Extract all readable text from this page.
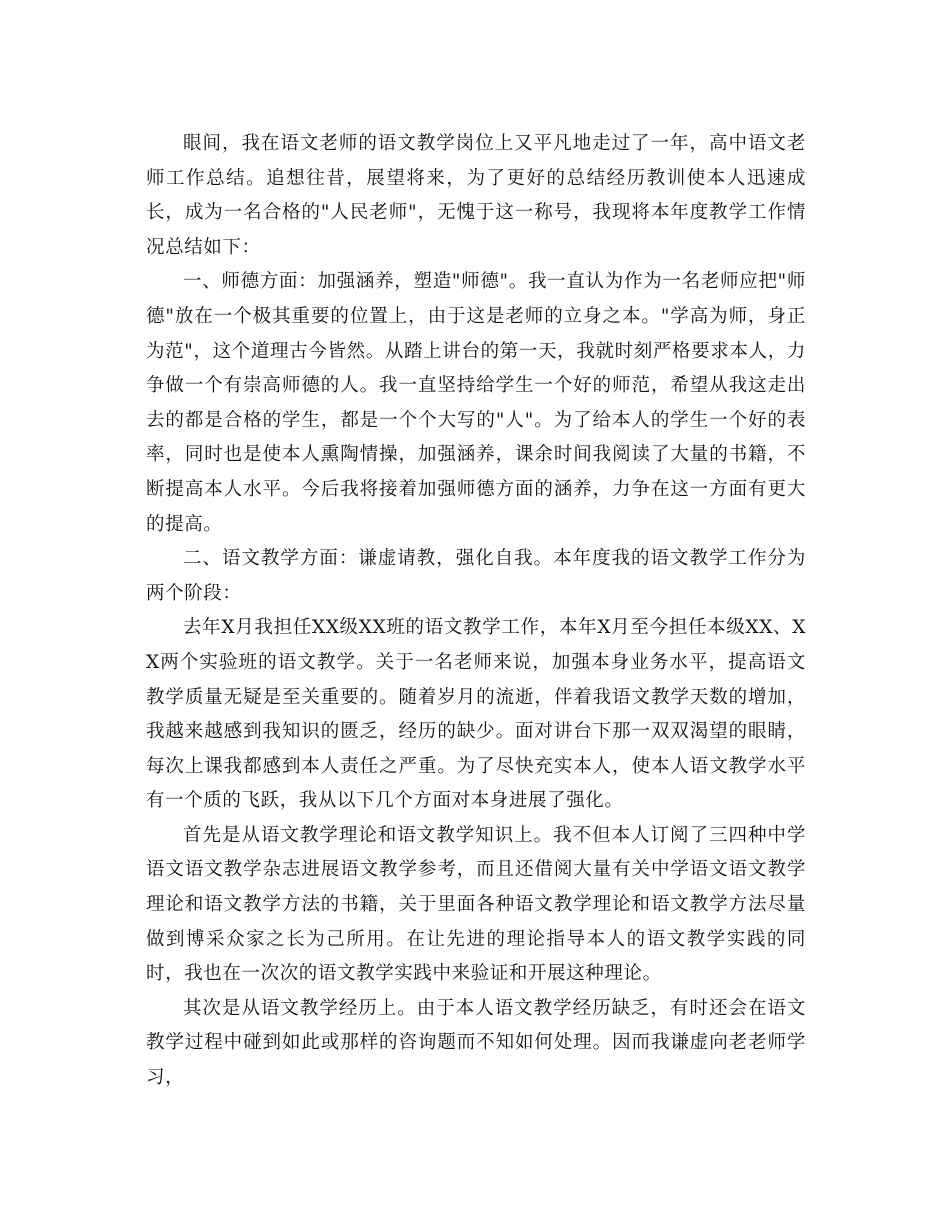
眼间，我在语文老师的语文教学岗位上又平凡地走过了一年，高中语文老师工作总结。追想往昔，展望将来，为了更好的总结经历教训使本人迅速成长，成为一名合格的"人民老师"，无愧于这一称号，我现将本年度教学工作情况总结如下：

一、师德方面：加强涵养，塑造"师德"。我一直认为作为一名老师应把"师德"放在一个极其重要的位置上，由于这是老师的立身之本。"学高为师，身正为范"，这个道理古今皆然。从踏上讲台的第一天，我就时刻严格要求本人，力争做一个有崇高师德的人。我一直坚持给学生一个好的师范，希望从我这走出去的都是合格的学生，都是一个个大写的"人"。为了给本人的学生一个好的表率，同时也是使本人熏陶情操，加强涵养，课余时间我阅读了大量的书籍，不断提高本人水平。今后我将接着加强师德方面的涵养，力争在这一方面有更大的提高。

二、语文教学方面：谦虚请教，强化自我。本年度我的语文教学工作分为两个阶段：

去年X月我担任XX级XX班的语文教学工作，本年X月至今担任本级XX、XX两个实验班的语文教学。关于一名老师来说，加强本身业务水平，提高语文教学质量无疑是至关重要的。随着岁月的流逝，伴着我语文教学天数的增加，我越来越感到我知识的匮乏，经历的缺少。面对讲台下那一双双渴望的眼睛，每次上课我都感到本人责任之严重。为了尽快充实本人，使本人语文教学水平有一个质的飞跃，我从以下几个方面对本身进展了强化。

首先是从语文教学理论和语文教学知识上。我不但本人订阅了三四种中学语文语文教学杂志进展语文教学参考，而且还借阅大量有关中学语文语文教学理论和语文教学方法的书籍，关于里面各种语文教学理论和语文教学方法尽量做到博采众家之长为己所用。在让先进的理论指导本人的语文教学实践的同时，我也在一次次的语文教学实践中来验证和开展这种理论。

其次是从语文教学经历上。由于本人语文教学经历缺乏，有时还会在语文教学过程中碰到如此或那样的咨询题而不知如何处理。因而我谦虚向老老师学习，
